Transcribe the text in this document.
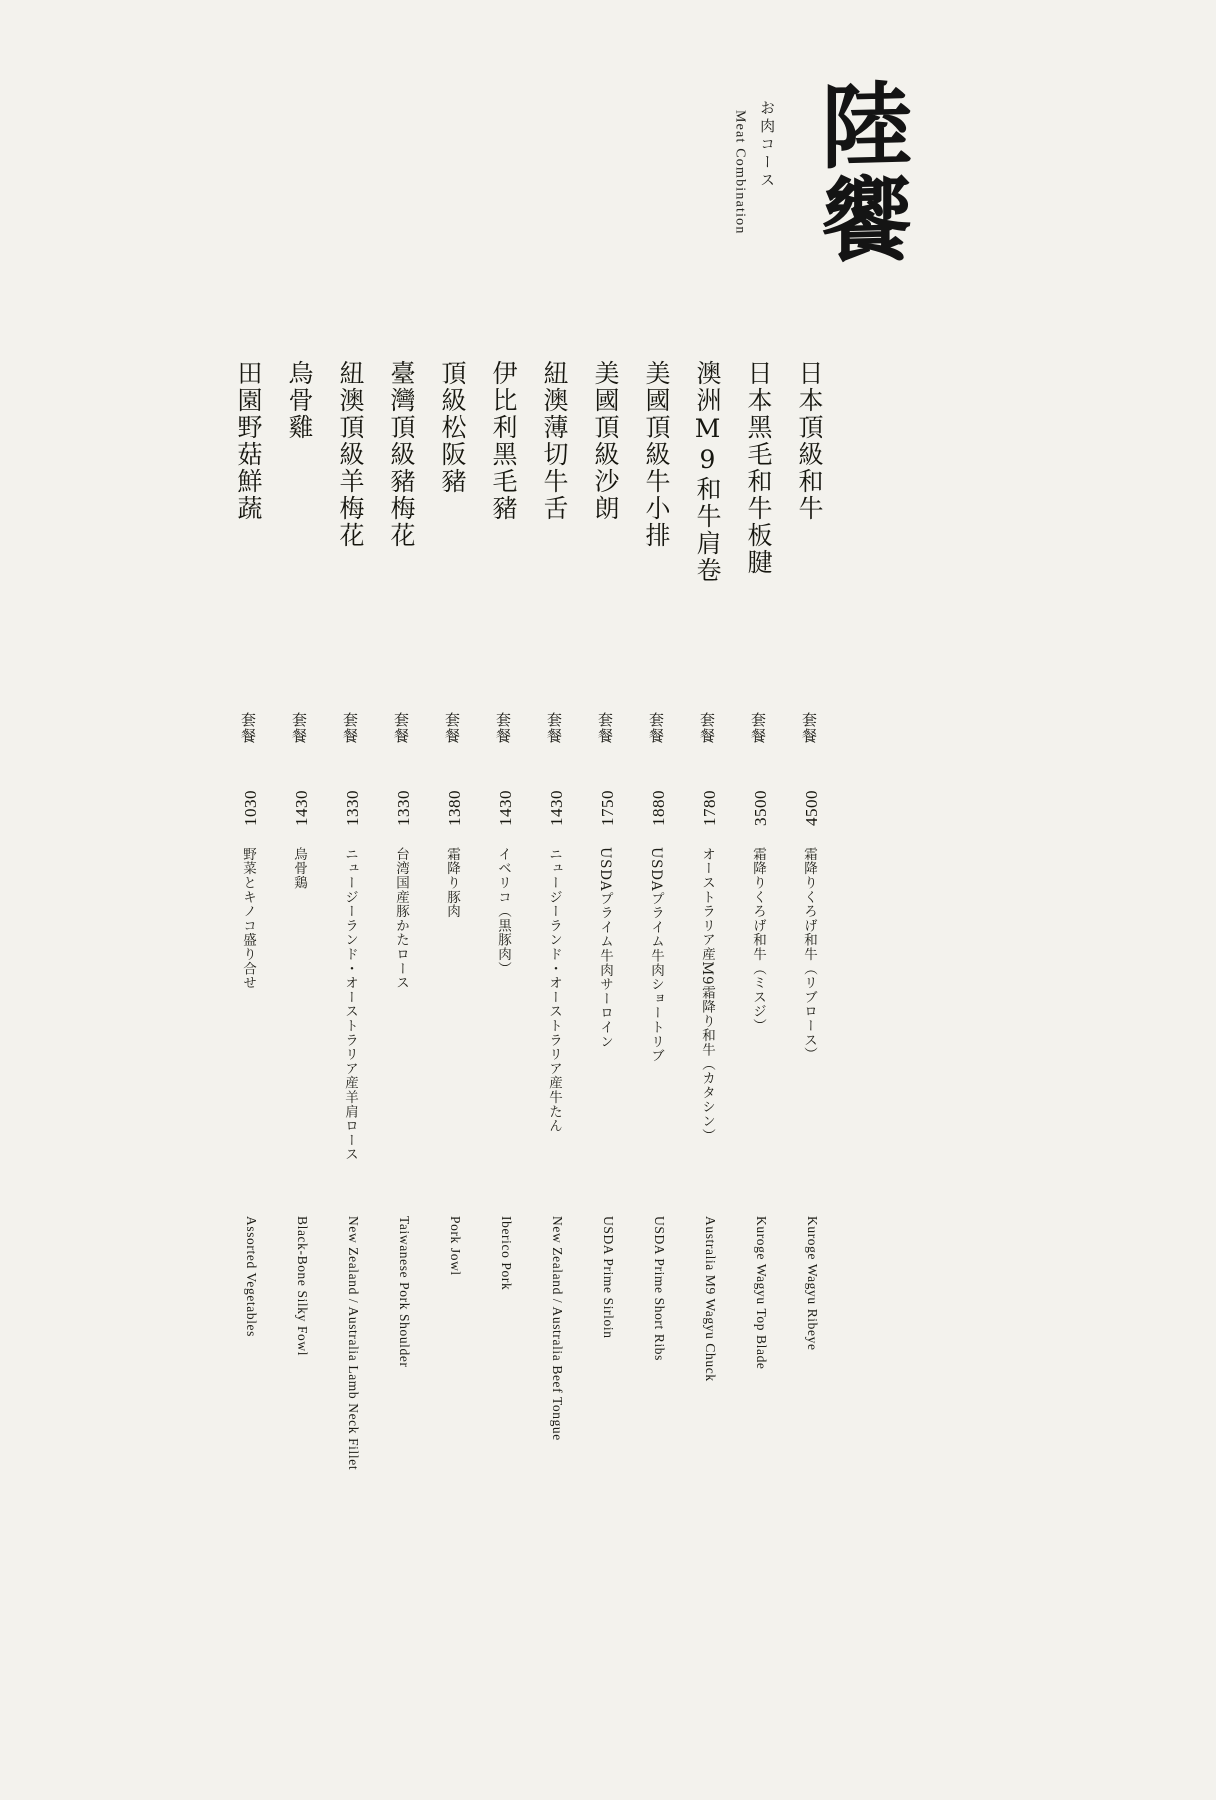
陸饗
お肉コース
Meat Combination
日本頂級和牛
套餐
4500
霜降りくろげ和牛（リブロース）
Kuroge Wagyu Ribeye
日本黑毛和牛板腱
套餐
3500
霜降りくろげ和牛（ミスジ）
Kuroge Wagyu Top Blade
澳洲M9和牛肩卷
套餐
1780
オーストラリア産M9霜降り和牛（カタシン）
Australia M9 Wagyu Chuck
美國頂級牛小排
套餐
1880
USDAプライム牛肉ショートリブ
USDA Prime Short Ribs
美國頂級沙朗
套餐
1750
USDAプライム牛肉サーロイン
USDA Prime Sirloin
紐澳薄切牛舌
套餐
1430
ニュージーランド・オーストラリア産牛たん
New Zealand / Australia Beef Tongue
伊比利黑毛豬
套餐
1430
イベリコ（黒豚肉）
Iberico Pork
頂級松阪豬
套餐
1380
霜降り豚肉
Pork Jowl
臺灣頂級豬梅花
套餐
1330
台湾国産豚かたロース
Taiwanese Pork Shoulder
紐澳頂級羊梅花
套餐
1330
ニュージーランド・オーストラリア産羊肩ロース
New Zealand / Australia Lamb Neck Fillet
烏骨雞
套餐
1430
烏骨鶏
Black-Bone Silky Fowl
田園野菇鮮蔬
套餐
1030
野菜とキノコ盛り合せ
Assorted Vegetables
